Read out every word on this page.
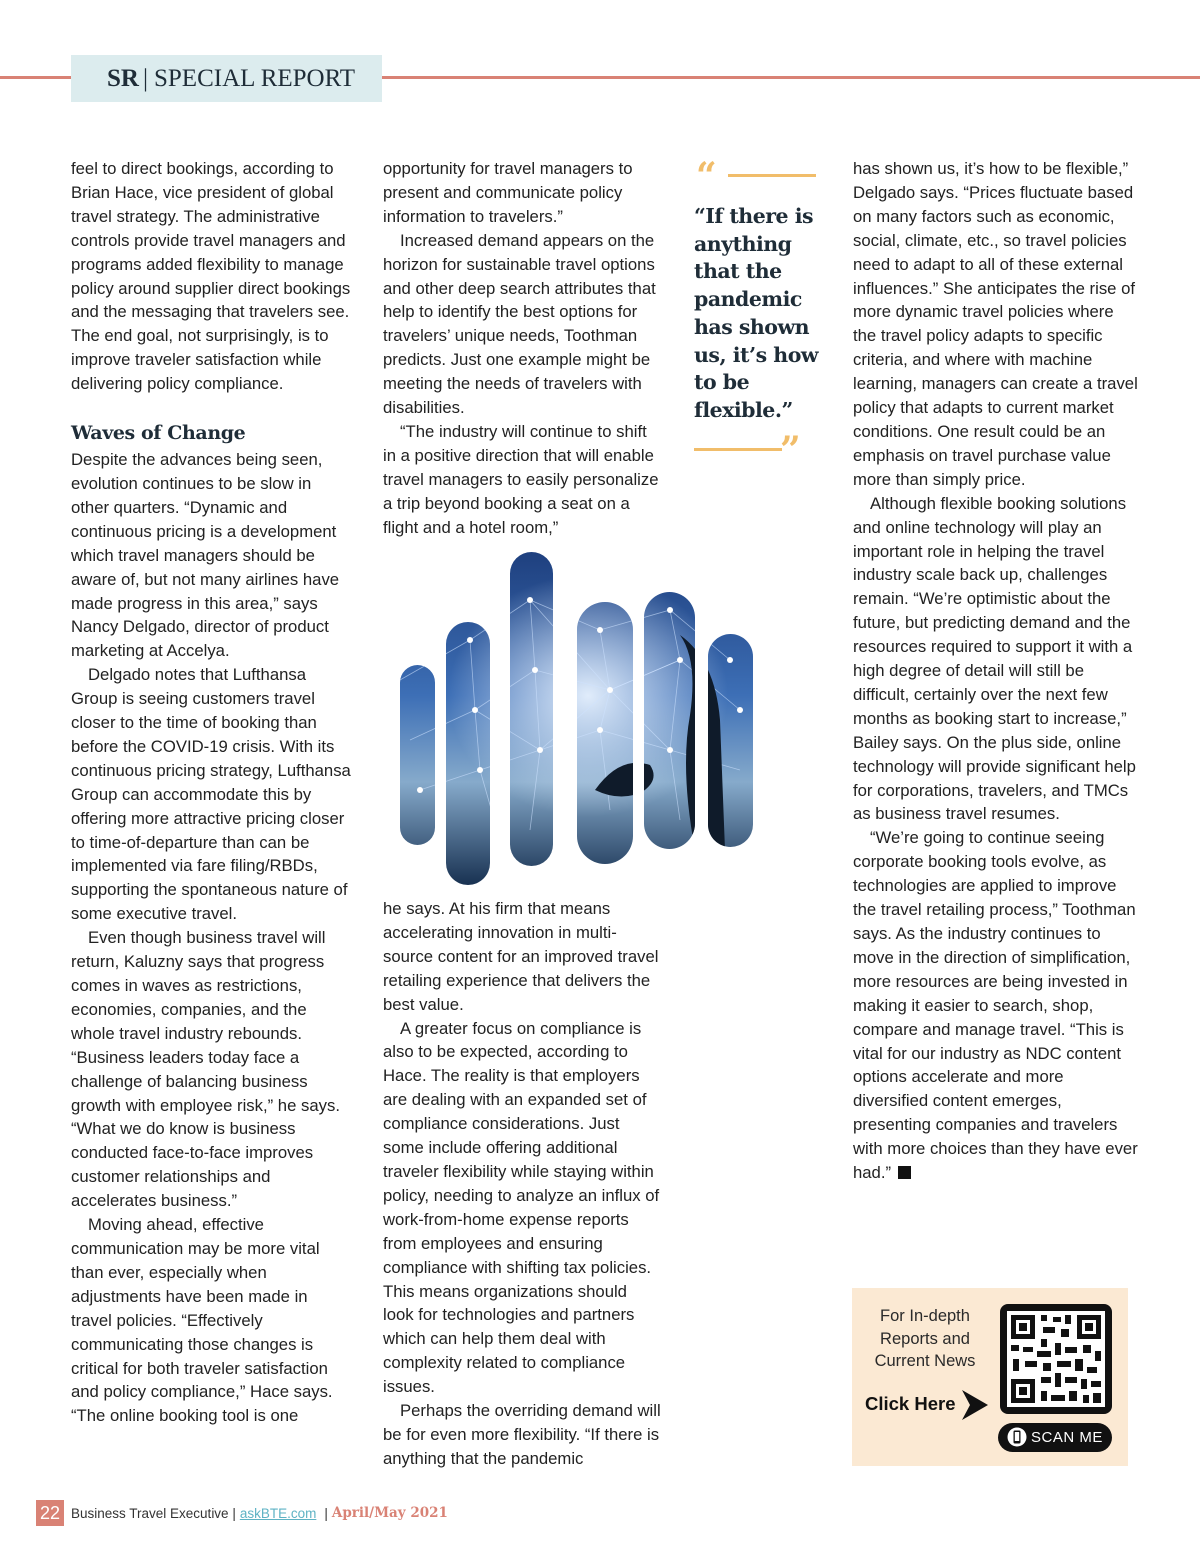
SR | SPECIAL REPORT

feel to direct bookings, according to Brian Hace, vice president of global travel strategy. The administrative controls provide travel managers and programs added flexibility to manage policy around supplier direct bookings and the messaging that travelers see. The end goal, not surprisingly, is to improve traveler satisfaction while delivering policy compliance.

Waves of Change

Despite the advances being seen, evolution continues to be slow in other quarters. “Dynamic and continuous pricing is a development which travel managers should be aware of, but not many airlines have made progress in this area,” says Nancy Delgado, director of product marketing at Accelya.

Delgado notes that Lufthansa Group is seeing customers travel closer to the time of booking than before the COVID-19 crisis. With its continuous pricing strategy, Lufthansa Group can accommodate this by offering more attractive pricing closer to time-of-departure than can be implemented via fare filing/RBDs, supporting the spontaneous nature of some executive travel.

Even though business travel will return, Kaluzny says that progress comes in waves as restrictions, economies, companies, and the whole travel industry rebounds. “Business leaders today face a challenge of balancing business growth with employee risk,” he says. “What we do know is business conducted face-to-face improves customer relationships and accelerates business.”

Moving ahead, effective communication may be more vital than ever, especially when adjustments have been made in travel policies. “Effectively communicating those changes is critical for both traveler satisfaction and policy compliance,” Hace says. “The online booking tool is one

opportunity for travel managers to present and communicate policy information to travelers.”

Increased demand appears on the horizon for sustainable travel options and other deep search attributes that help to identify the best options for travelers’ unique needs, Toothman predicts. Just one example might be meeting the needs of travelers with disabilities.

“The industry will continue to shift in a positive direction that will enable travel managers to easily personalize a trip beyond booking a seat on a flight and a hotel room,”

he says. At his firm that means accelerating innovation in multi-source content for an improved travel retailing experience that delivers the best value.

A greater focus on compliance is also to be expected, according to Hace. The reality is that employers are dealing with an expanded set of compliance considerations. Just some include offering additional traveler flexibility while staying within policy, needing to analyze an influx of work-from-home expense reports from employees and ensuring compliance with shifting tax policies. This means organizations should look for technologies and partners which can help them deal with complexity related to compliance issues.

Perhaps the overriding demand will be for even more flexibility. “If there is anything that the pandemic

“
“If there is anything that the pandemic has shown us, it’s how to be flexible.”
”

has shown us, it’s how to be flexible,” Delgado says. “Prices fluctuate based on many factors such as economic, social, climate, etc., so travel policies need to adapt to all of these external influences.” She anticipates the rise of more dynamic travel policies where the travel policy adapts to specific criteria, and where with machine learning, managers can create a travel policy that adapts to current market conditions. One result could be an emphasis on travel purchase value more than simply price.

Although flexible booking solutions and online technology will play an important role in helping the travel industry scale back up, challenges remain. “We’re optimistic about the future, but predicting demand and the resources required to support it with a high degree of detail will still be difficult, certainly over the next few months as booking start to increase,” Bailey says. On the plus side, online technology will provide significant help for corporations, travelers, and TMCs as business travel resumes.

“We’re going to continue seeing corporate booking tools evolve, as technologies are applied to improve the travel retailing process,” Toothman says. As the industry continues to move in the direction of simplification, more resources are being invested in making it easier to search, shop, compare and manage travel. “This is vital for our industry as NDC content options accelerate and more diversified content emerges, presenting companies and travelers with more choices than they have ever had.”

For In-depth Reports and Current News
Click Here
SCAN ME
22 Business Travel Executive | askBTE.com | April/May 2021
